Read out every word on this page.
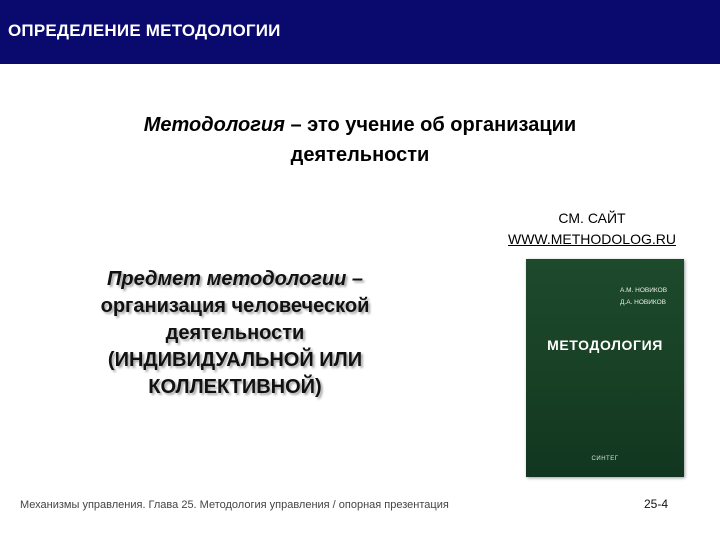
ОПРЕДЕЛЕНИЕ МЕТОДОЛОГИИ
Методология – это учение об организации
деятельности
СМ. САЙТ
WWW.METHODOLOG.RU
Предмет методологии –
организация человеческой
деятельности
(ИНДИВИДУАЛЬНОЙ ИЛИ
КОЛЛЕКТИВНОЙ)
А.М. НОВИКОВ
Д.А. НОВИКОВ
МЕТОДОЛОГИЯ
СИНТЕГ
Механизмы управления. Глава 25. Методология управления / опорная презентация	25-4
